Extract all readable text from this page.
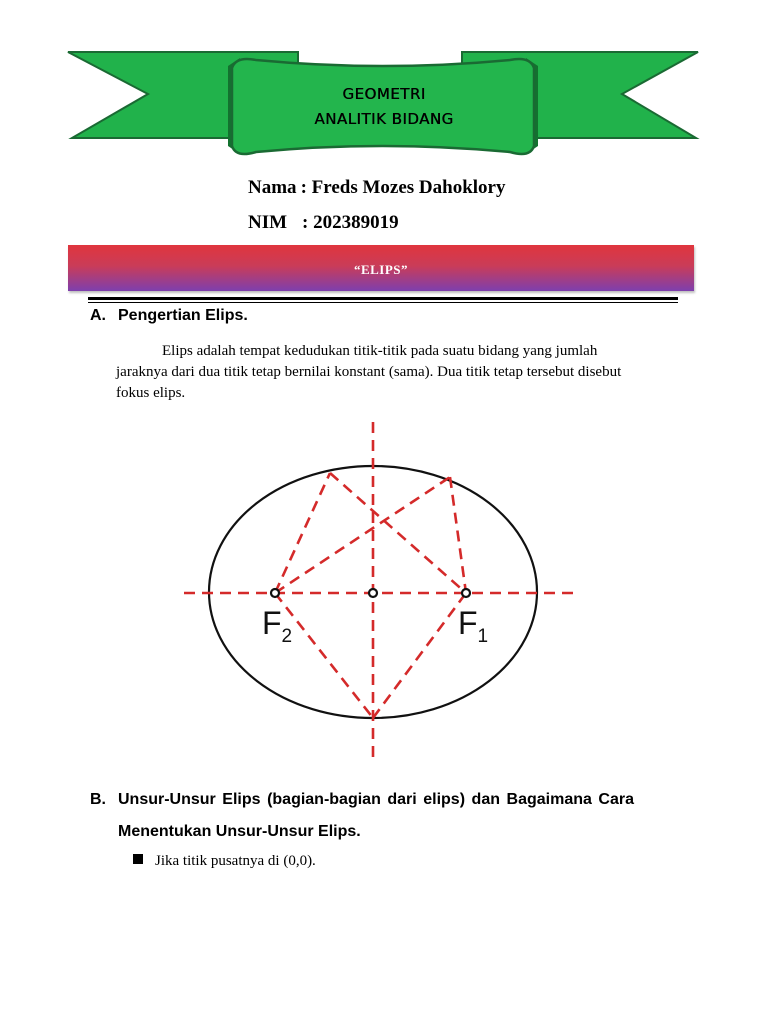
GEOMETRI
ANALITIK BIDANG
Nama : Freds Mozes Dahoklory
NIM : 202389019
“ELIPS”
A. Pengertian Elips.
Elips adalah tempat kedudukan titik-titik pada suatu bidang yang jumlah jaraknya dari dua titik tetap bernilai konstant (sama). Dua titik tetap tersebut disebut fokus elips.
$F_2$	$F_1$
B. Unsur-Unsur Elips (bagian-bagian dari elips) dan Bagaimana Cara Menentukan Unsur-Unsur Elips.
Jika titik pusatnya di (0,0).
